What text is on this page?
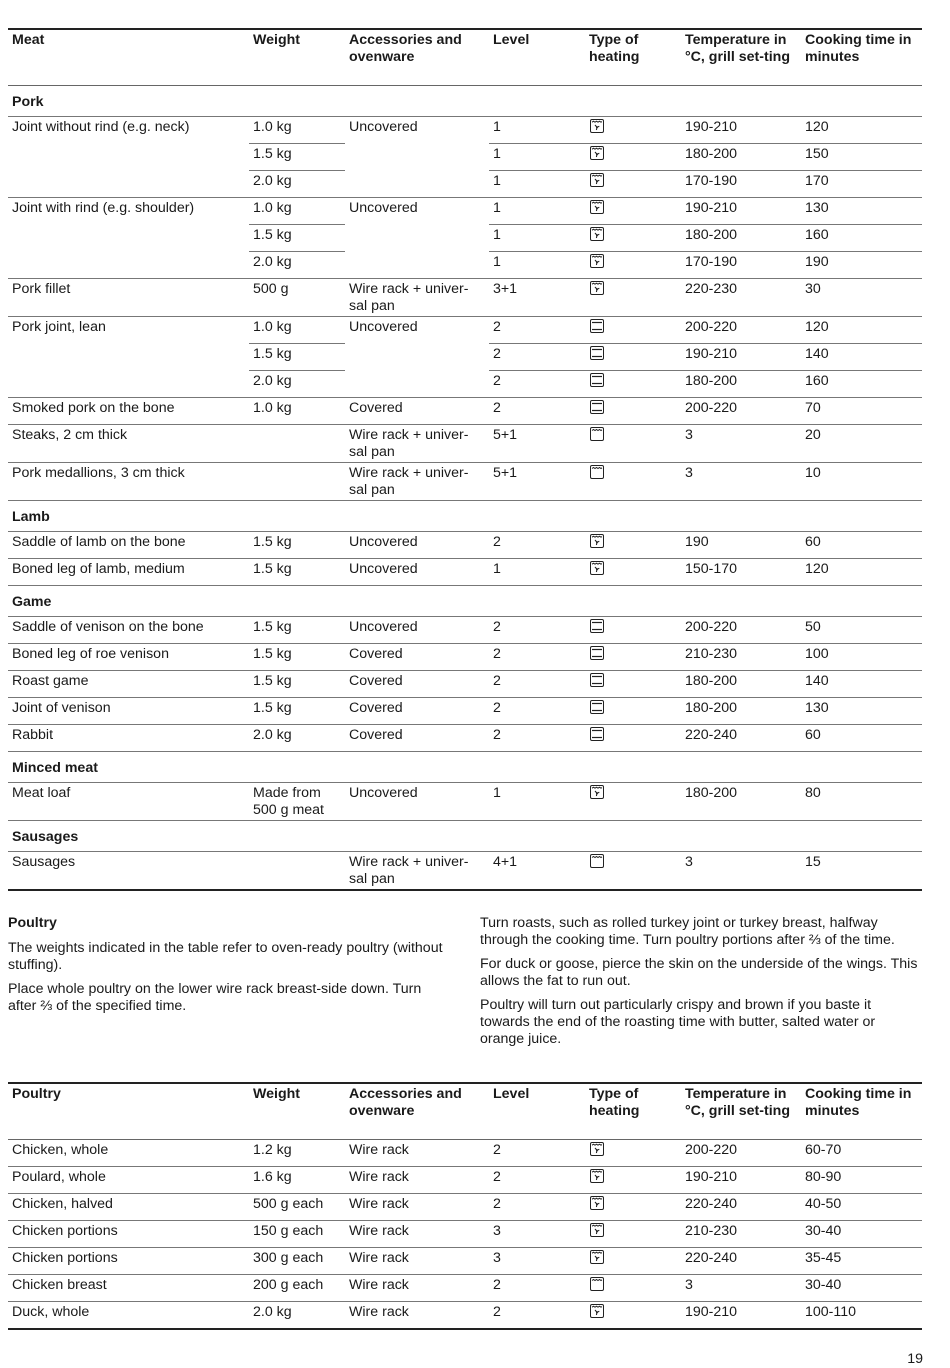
Meat	Weight	Accessories and ovenware	Level	Type of heating	Temperature in °C, grill set-ting	Cooking time in minutes
Pork						
Joint without rind (e.g. neck)	1.0 kg	Uncovered	1		190-210	120
	1.5 kg		1		180-200	150
	2.0 kg		1		170-190	170
Joint with rind (e.g. shoulder)	1.0 kg	Uncovered	1		190-210	130
	1.5 kg		1		180-200	160
	2.0 kg		1		170-190	190
Pork fillet	500 g	Wire rack + univer-sal pan	3+1		220-230	30
Pork joint, lean	1.0 kg	Uncovered	2		200-220	120
	1.5 kg		2		190-210	140
	2.0 kg		2		180-200	160
Smoked pork on the bone	1.0 kg	Covered	2		200-220	70
Steaks, 2 cm thick		Wire rack + univer-sal pan	5+1		3	20
Pork medallions, 3 cm thick		Wire rack + univer-sal pan	5+1		3	10
Lamb						
Saddle of lamb on the bone	1.5 kg	Uncovered	2		190	60
Boned leg of lamb, medium	1.5 kg	Uncovered	1		150-170	120
Game						
Saddle of venison on the bone	1.5 kg	Uncovered	2		200-220	50
Boned leg of roe venison	1.5 kg	Covered	2		210-230	100
Roast game	1.5 kg	Covered	2		180-200	140
Joint of venison	1.5 kg	Covered	2		180-200	130
Rabbit	2.0 kg	Covered	2		220-240	60
Minced meat						
Meat loaf	Made from 500 g meat	Uncovered	1		180-200	80
Sausages						
Sausages		Wire rack + univer-sal pan	4+1		3	15
Poultry

The weights indicated in the table refer to oven-ready poultry (without stuffing).

Place whole poultry on the lower wire rack breast-side down. Turn after ⅔ of the specified time.

Turn roasts, such as rolled turkey joint or turkey breast, halfway through the cooking time. Turn poultry portions after ⅔ of the time.

For duck or goose, pierce the skin on the underside of the wings. This allows the fat to run out.

Poultry will turn out particularly crispy and brown if you baste it towards the end of the roasting time with butter, salted water or orange juice.

Poultry	Weight	Accessories and ovenware	Level	Type of heating	Temperature in °C, grill set-ting	Cooking time in minutes
Chicken, whole	1.2 kg	Wire rack	2		200-220	60-70
Poulard, whole	1.6 kg	Wire rack	2		190-210	80-90
Chicken, halved	500 g each	Wire rack	2		220-240	40-50
Chicken portions	150 g each	Wire rack	3		210-230	30-40
Chicken portions	300 g each	Wire rack	3		220-240	35-45
Chicken breast	200 g each	Wire rack	2		3	30-40
Duck, whole	2.0 kg	Wire rack	2		190-210	100-110
19
